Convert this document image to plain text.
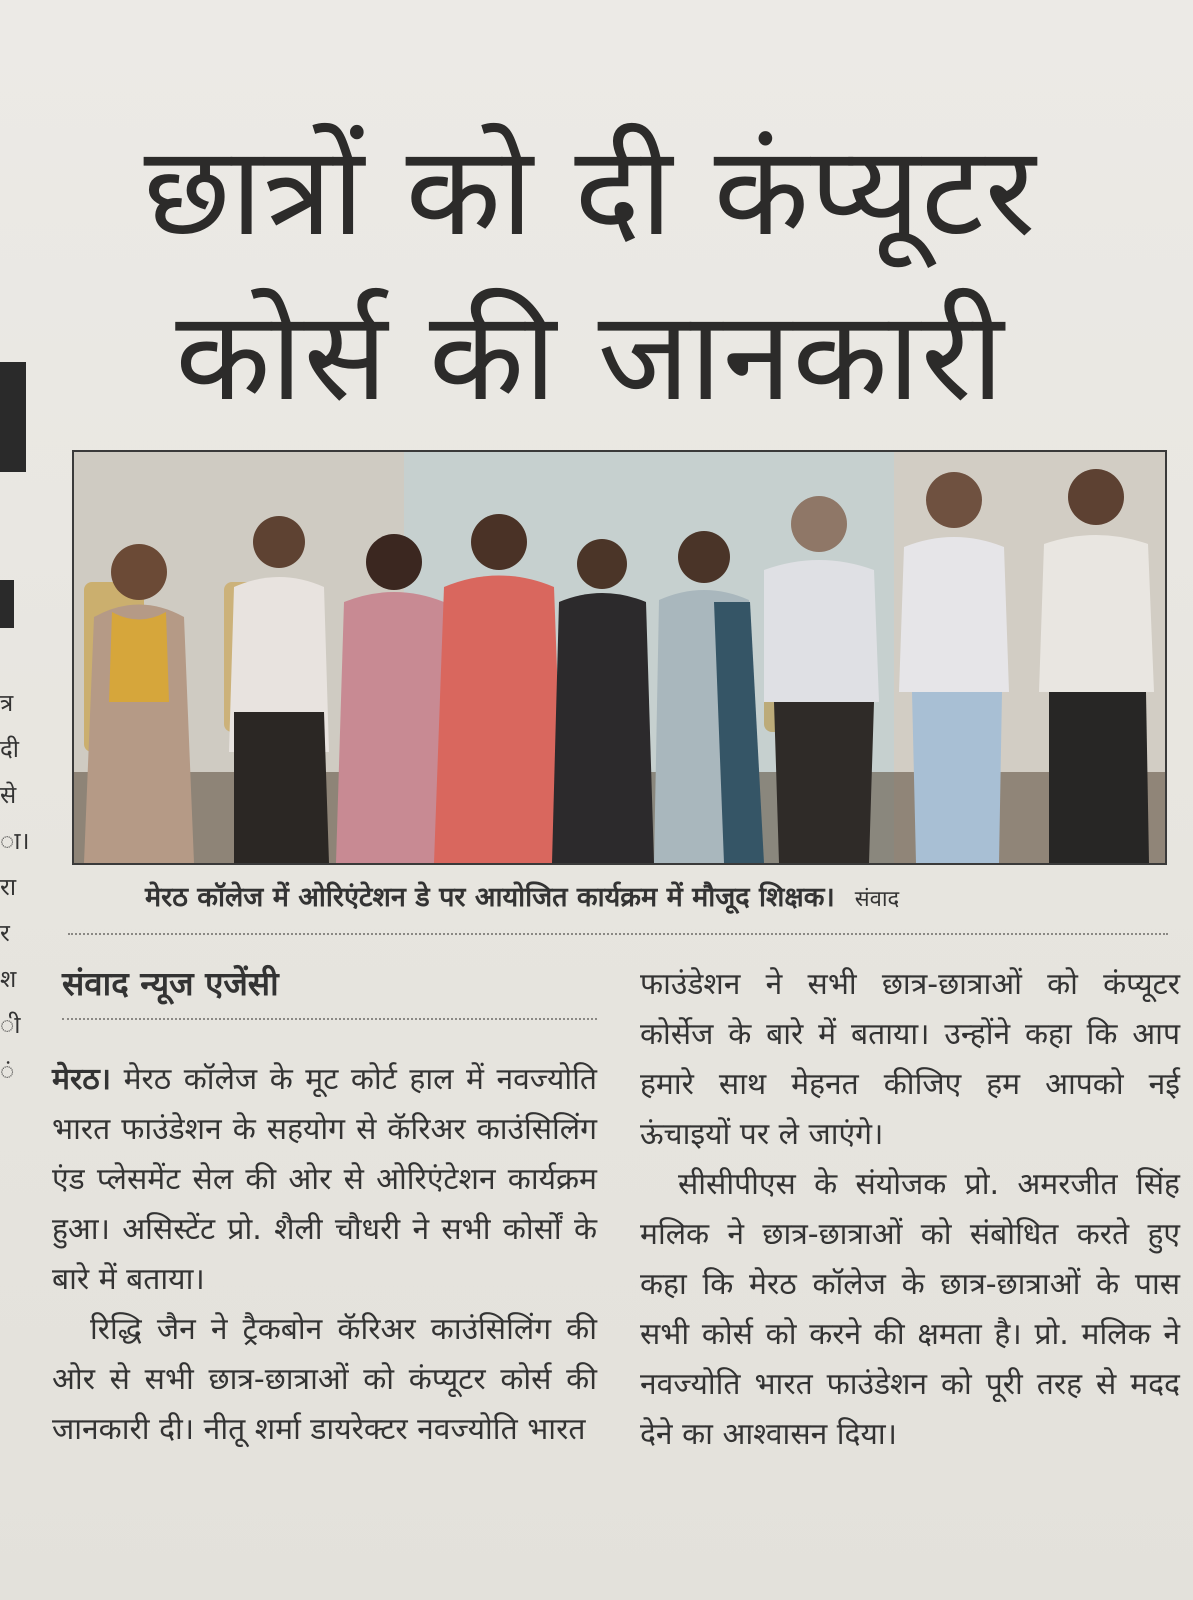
त्र
दी
से
ा।
रा
र
श
ी
ं
छात्रों को दी कंप्यूटर
कोर्स की जानकारी
मेरठ कॉलेज में ओरिएंटेशन डे पर आयोजित कार्यक्रम में मौजूद शिक्षक। संवाद
संवाद न्यूज एजेंसी

मेरठ। मेरठ कॉलेज के मूट कोर्ट हाल में नवज्योति भारत फाउंडेशन के सहयोग से कॅरिअर काउंसिलिंग एंड प्लेसमेंट सेल की ओर से ओरिएंटेशन कार्यक्रम हुआ। असिस्टेंट प्रो. शैली चौधरी ने सभी कोर्सों के बारे में बताया।

रिद्धि जैन ने ट्रैकबोन कॅरिअर काउंसिलिंग की ओर से सभी छात्र-छात्राओं को कंप्यूटर कोर्स की जानकारी दी। नीतू शर्मा डायरेक्टर नवज्योति भारत

फाउंडेशन ने सभी छात्र-छात्राओं को कंप्यूटर कोर्सेज के बारे में बताया। उन्होंने कहा कि आप हमारे साथ मेहनत कीजिए हम आपको नई ऊंचाइयों पर ले जाएंगे।

सीसीपीएस के संयोजक प्रो. अमरजीत सिंह मलिक ने छात्र-छात्राओं को संबोधित करते हुए कहा कि मेरठ कॉलेज के छात्र-छात्राओं के पास सभी कोर्स को करने की क्षमता है। प्रो. मलिक ने नवज्योति भारत फाउंडेशन को पूरी तरह से मदद देने का आश्वासन दिया।
